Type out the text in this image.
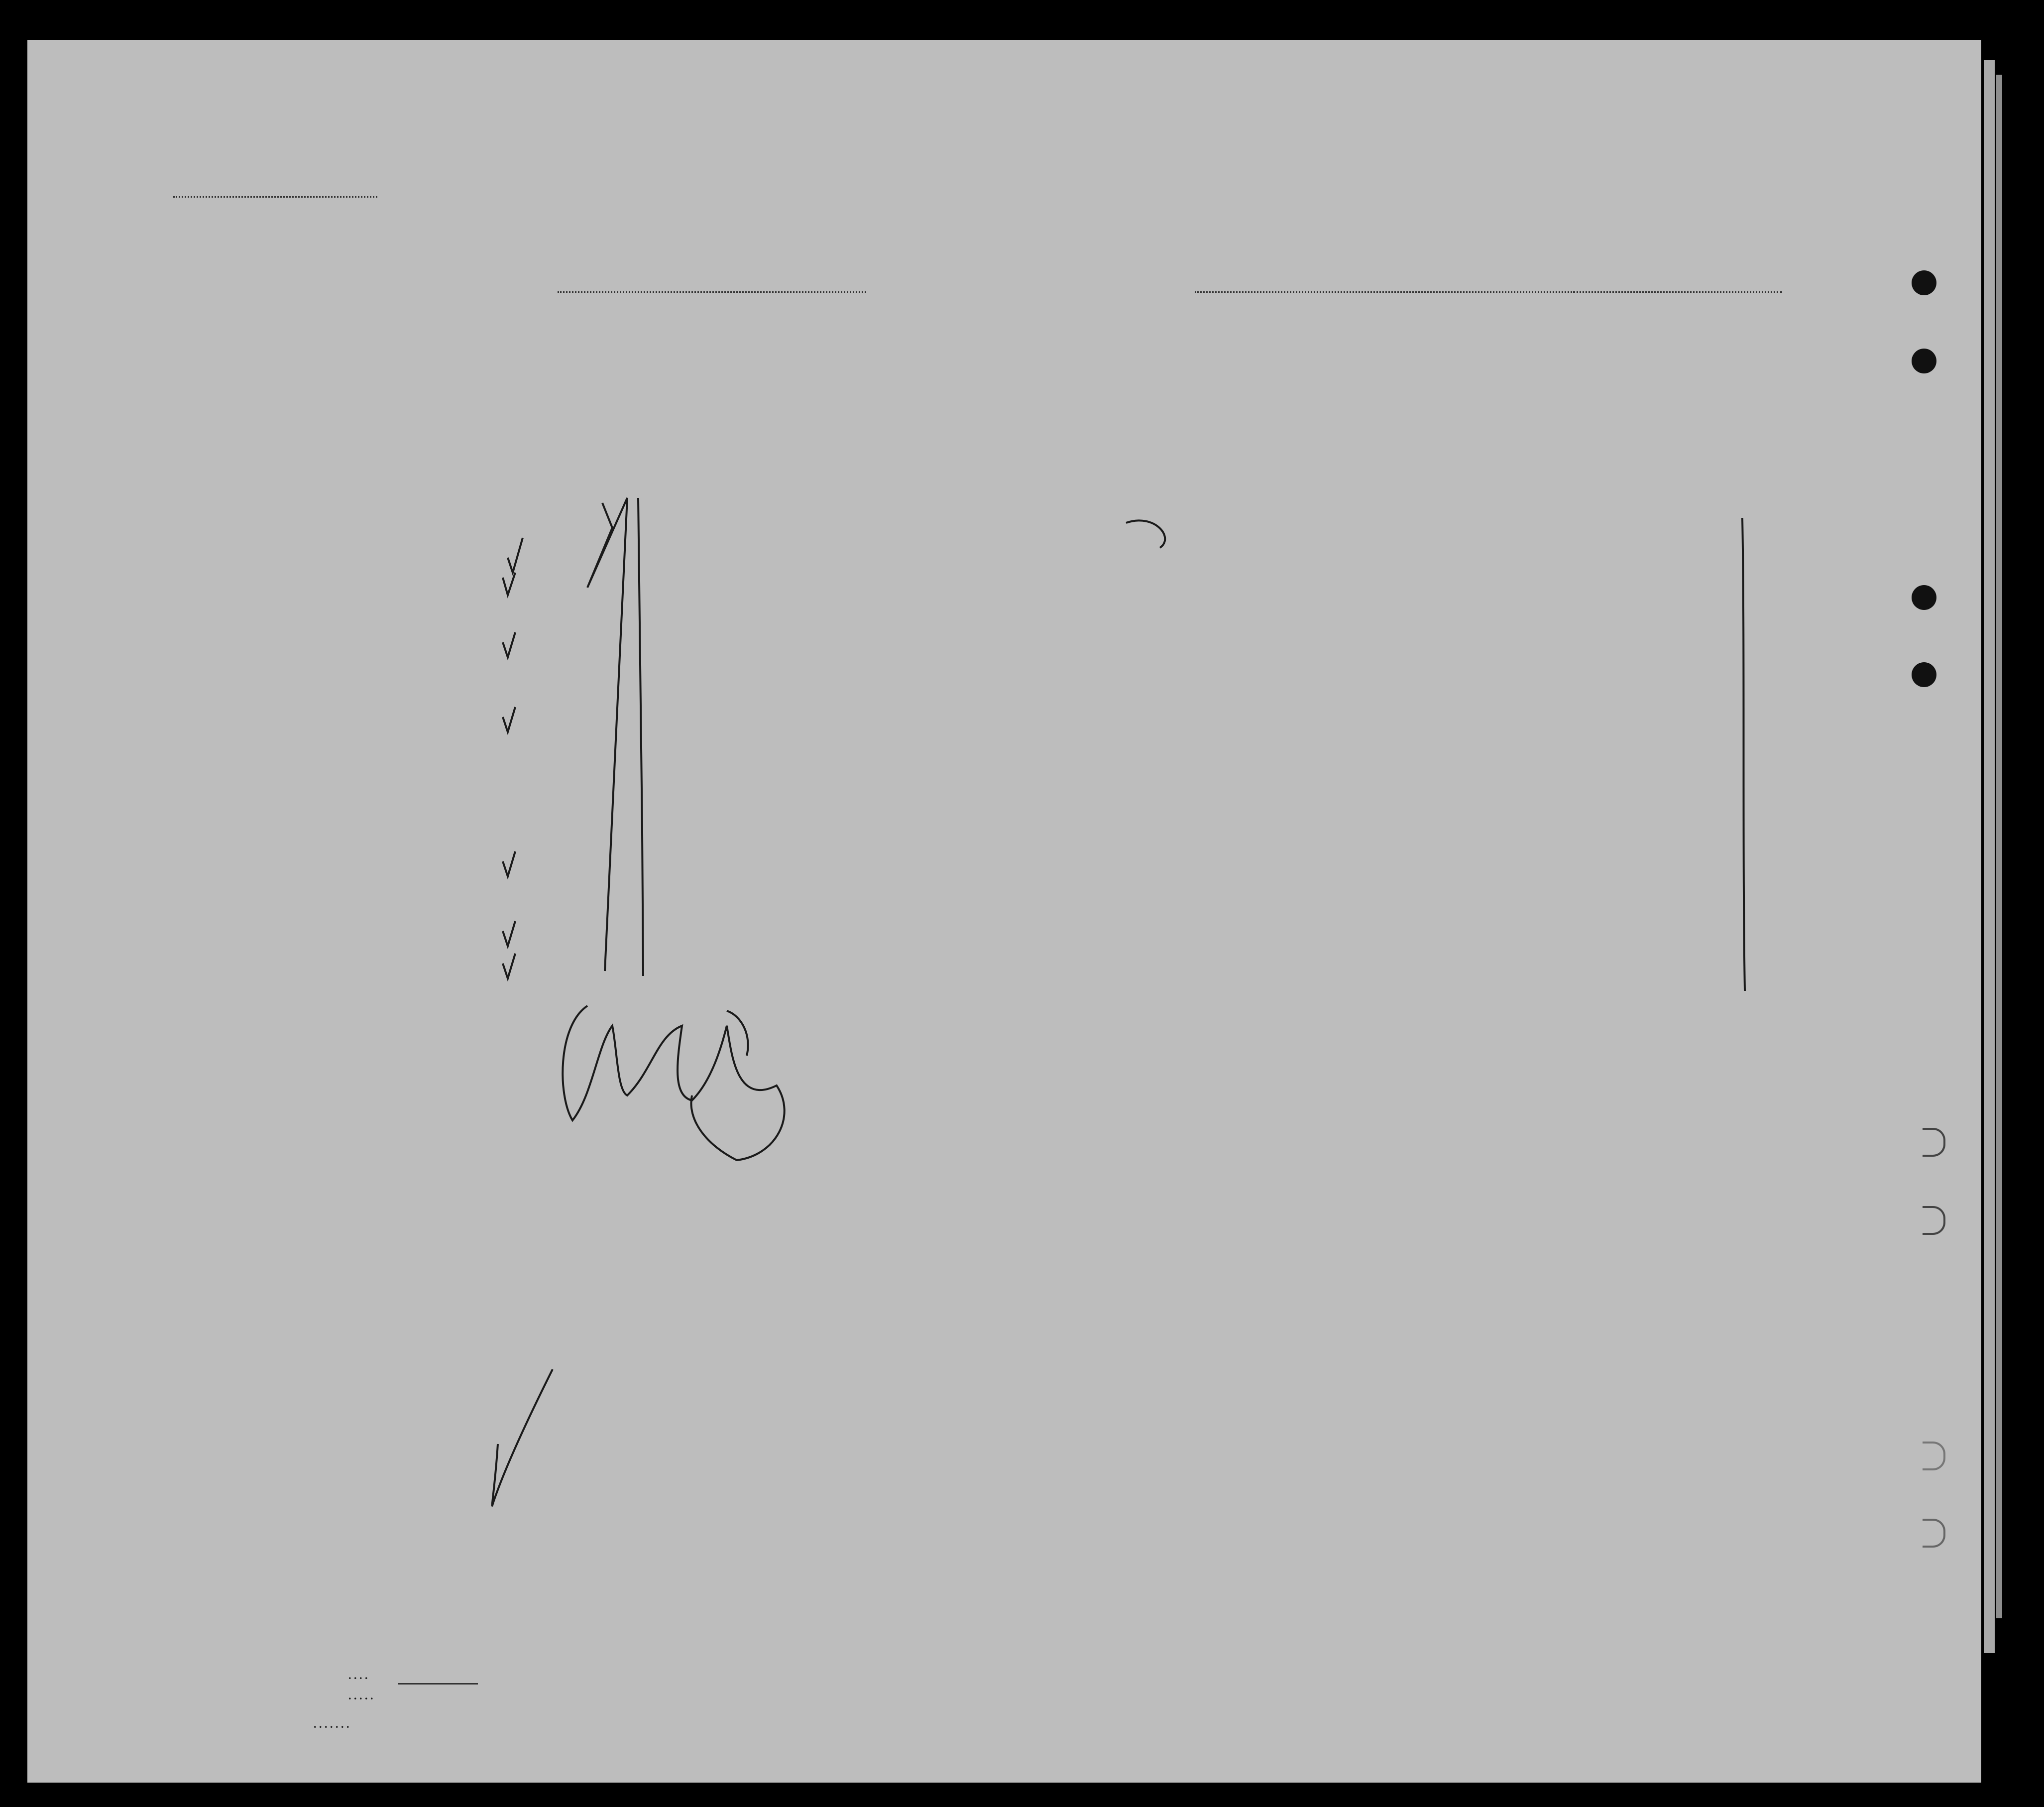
. . . .
. . . . .
. . . . . . .
